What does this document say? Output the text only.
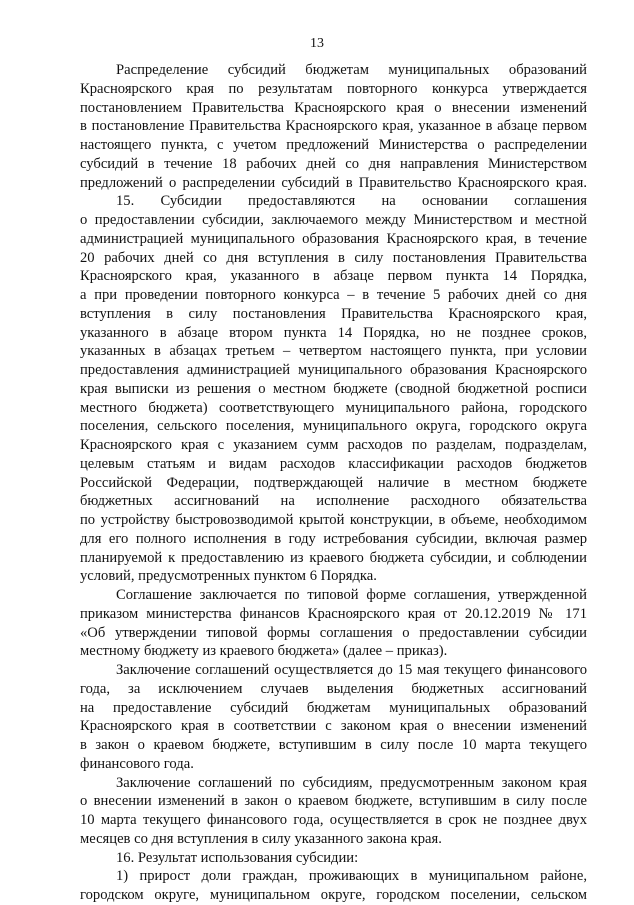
13
Распределение субсидий бюджетам муниципальных образований
Красноярского края по результатам повторного конкурса утверждается
постановлением Правительства Красноярского края о внесении изменений
в постановление Правительства Красноярского края, указанное в абзаце первом
настоящего пункта, с учетом предложений Министерства о распределении
субсидий в течение 18 рабочих дней со дня направления Министерством
предложений о распределении субсидий в Правительство Красноярского края.
15. Субсидии предоставляются на основании соглашения
о предоставлении субсидии, заключаемого между Министерством и местной
администрацией муниципального образования Красноярского края, в течение
20 рабочих дней со дня вступления в силу постановления Правительства
Красноярского края, указанного в абзаце первом пункта 14 Порядка,
а при проведении повторного конкурса – в течение 5 рабочих дней со дня
вступления в силу постановления Правительства Красноярского края,
указанного в абзаце втором пункта 14 Порядка, но не позднее сроков,
указанных в абзацах третьем – четвертом настоящего пункта, при условии
предоставления администрацией муниципального образования Красноярского
края выписки из решения о местном бюджете (сводной бюджетной росписи
местного бюджета) соответствующего муниципального района, городского
поселения, сельского поселения, муниципального округа, городского округа
Красноярского края с указанием сумм расходов по разделам, подразделам,
целевым статьям и видам расходов классификации расходов бюджетов
Российской Федерации, подтверждающей наличие в местном бюджете
бюджетных ассигнований на исполнение расходного обязательства
по устройству быстровозводимой крытой конструкции, в объеме, необходимом
для его полного исполнения в году истребования субсидии, включая размер
планируемой к предоставлению из краевого бюджета субсидии, и соблюдении
условий, предусмотренных пунктом 6 Порядка.
Соглашение заключается по типовой форме соглашения, утвержденной
приказом министерства финансов Красноярского края от 20.12.2019 № 171
«Об утверждении типовой формы соглашения о предоставлении субсидии
местному бюджету из краевого бюджета» (далее – приказ).
Заключение соглашений осуществляется до 15 мая текущего финансового
года, за исключением случаев выделения бюджетных ассигнований
на предоставление субсидий бюджетам муниципальных образований
Красноярского края в соответствии с законом края о внесении изменений
в закон о краевом бюджете, вступившим в силу после 10 марта текущего
финансового года.
Заключение соглашений по субсидиям, предусмотренным законом края
о внесении изменений в закон о краевом бюджете, вступившим в силу после
10 марта текущего финансового года, осуществляется в срок не позднее двух
месяцев со дня вступления в силу указанного закона края.
16. Результат использования субсидии:
1) прирост доли граждан, проживающих в муниципальном районе,
городском округе, муниципальном округе, городском поселении, сельском
